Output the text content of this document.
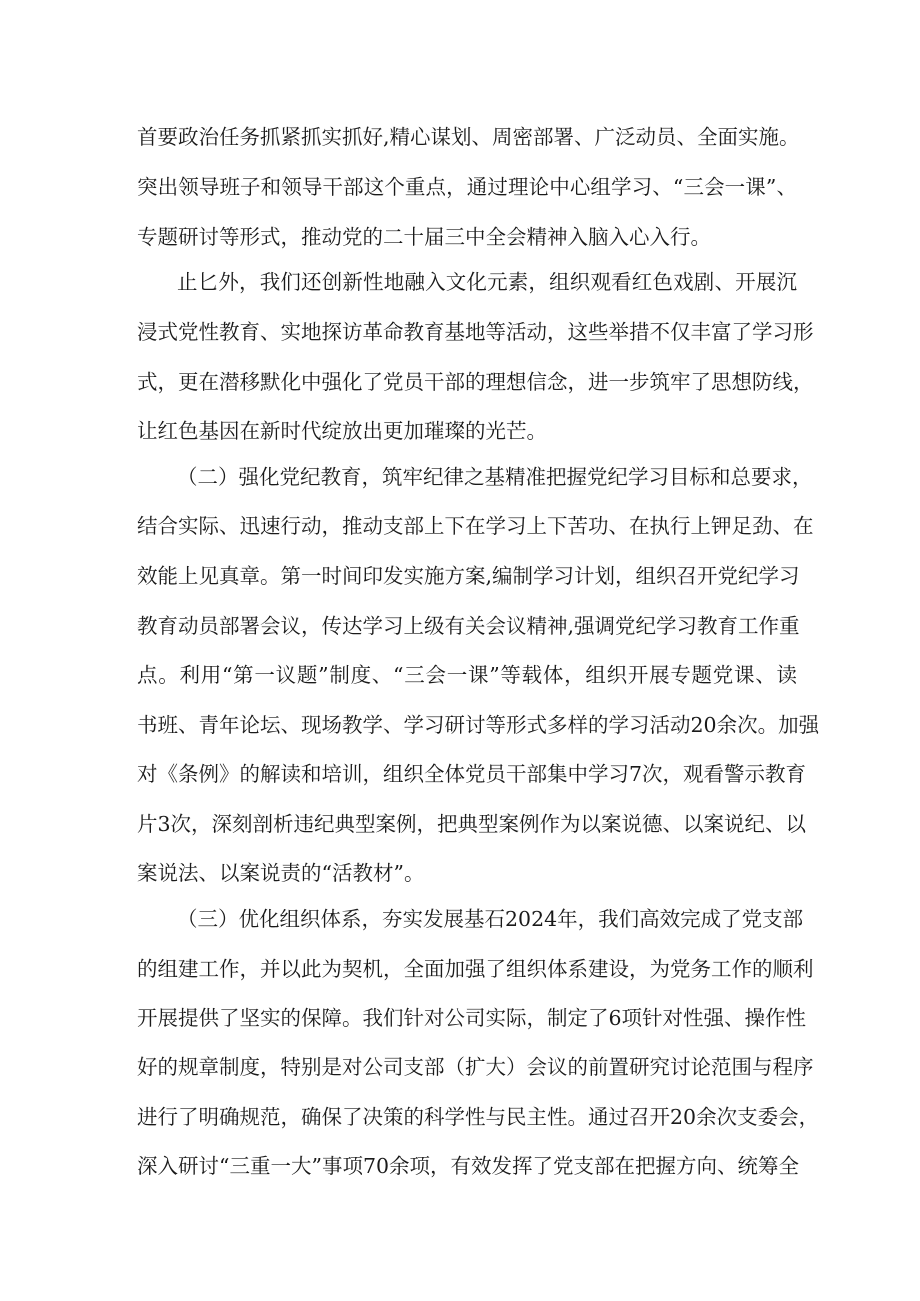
首要政治任务抓紧抓实抓好,精心谋划、周密部署、广泛动员、全面实施。
突出领导班子和领导干部这个重点，通过理论中心组学习、“三会一课”、
专题研讨等形式，推动党的二十届三中全会精神入脑入心入行。
止匕外，我们还创新性地融入文化元素，组织观看红色戏剧、开展沉
浸式党性教育、实地探访革命教育基地等活动，这些举措不仅丰富了学习形
式，更在潜移默化中强化了党员干部的理想信念，进一步筑牢了思想防线，
让红色基因在新时代绽放出更加璀璨的光芒。
（二）强化党纪教育，筑牢纪律之基精准把握党纪学习目标和总要求，
结合实际、迅速行动，推动支部上下在学习上下苦功、在执行上钾足劲、在
效能上见真章。第一时间印发实施方案,编制学习计划，组织召开党纪学习
教育动员部署会议，传达学习上级有关会议精神,强调党纪学习教育工作重
点。利用“第一议题”制度、“三会一课”等载体，组织开展专题党课、读
书班、青年论坛、现场教学、学习研讨等形式多样的学习活动20余次。加强
对《条例》的解读和培训，组织全体党员干部集中学习7次，观看警示教育
片3次，深刻剖析违纪典型案例，把典型案例作为以案说德、以案说纪、以
案说法、以案说责的“活教材”。
（三）优化组织体系，夯实发展基石2024年，我们高效完成了党支部
的组建工作，并以此为契机，全面加强了组织体系建设，为党务工作的顺利
开展提供了坚实的保障。我们针对公司实际，制定了6项针对性强、操作性
好的规章制度，特别是对公司支部（扩大）会议的前置研究讨论范围与程序
进行了明确规范，确保了决策的科学性与民主性。通过召开20余次支委会，
深入研讨“三重一大”事项70余项，有效发挥了党支部在把握方向、统筹全
